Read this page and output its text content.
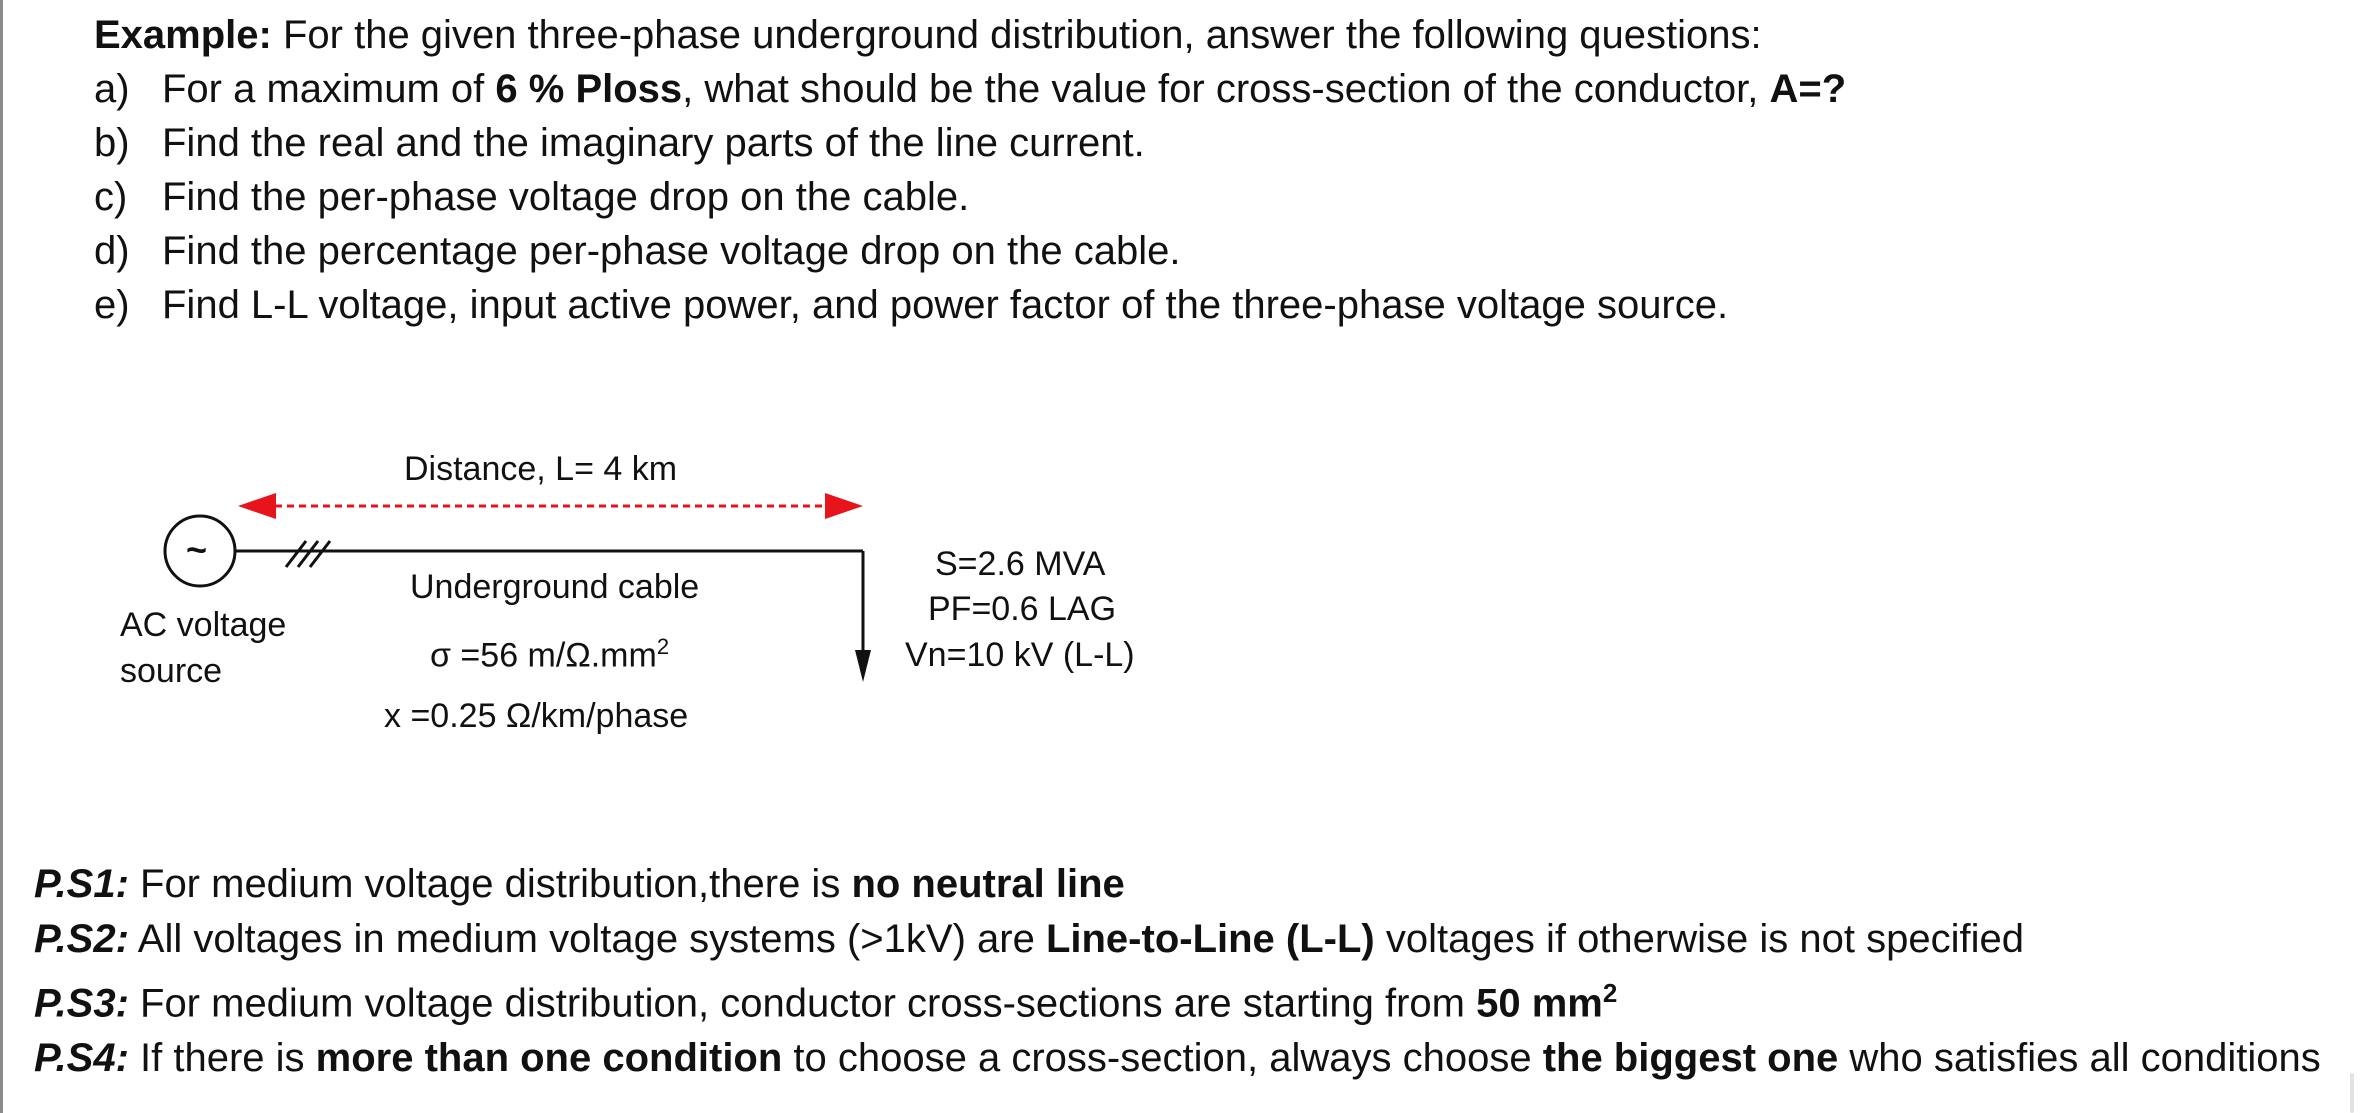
Example: For the given three-phase underground distribution, answer the following questions:
a) For a maximum of 6 % Ploss, what should be the value for cross-section of the conductor, A=?
b) Find the real and the imaginary parts of the line current.
c) Find the per-phase voltage drop on the cable.
d) Find the percentage per-phase voltage drop on the cable.
e) Find L-L voltage, input active power, and power factor of the three-phase voltage source.
Distance, L= 4 km
~
AC voltage
source
Underground cable
σ =56 $m/\Omega.mm^2$
x =0.25 Ω/km/phase
S=2.6 MVA
PF=0.6 LAG
Vn=10 kV (L-L)
P.S1: For medium voltage distribution,there is no neutral line
P.S2: All voltages in medium voltage systems (>1kV) are Line-to-Line (L-L) voltages if otherwise is not specified
P.S3: For medium voltage distribution, conductor cross-sections are starting from 50 $mm^2$
P.S4: If there is more than one condition to choose a cross-section, always choose the biggest one who satisfies all conditions
